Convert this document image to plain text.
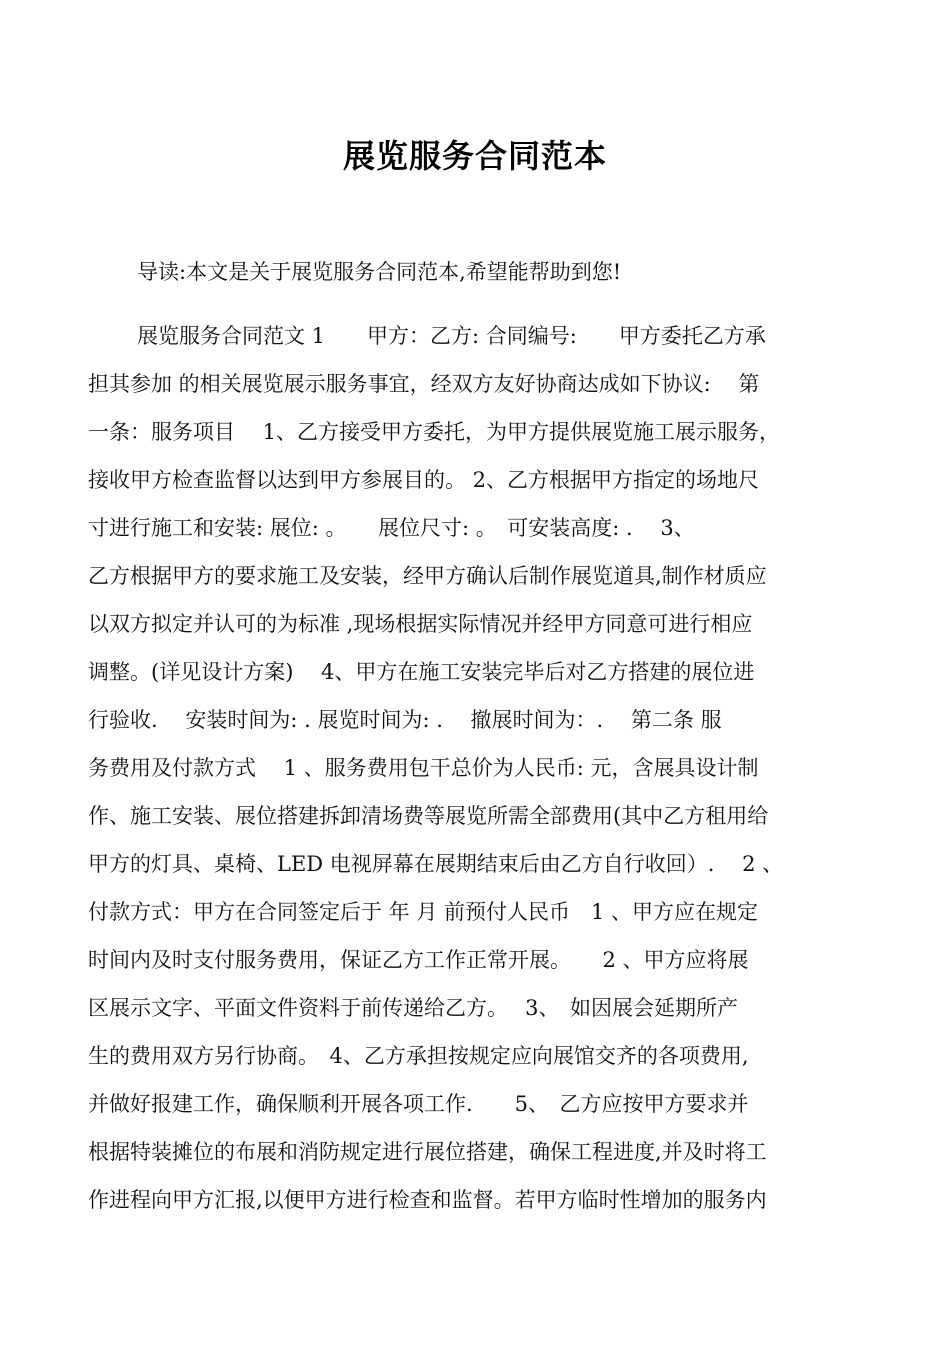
展览服务合同范本
导读:本文是关于展览服务合同范本,希望能帮助到您!
展览服务合同范文 1　　甲方：乙方: 合同编号:　　甲方委托乙方承
担其参加 的相关展览展示服务事宜，经双方友好协商达成如下协议:　 第
一条：服务项目　 1、乙方接受甲方委托，为甲方提供展览施工展示服务，
接收甲方检查监督以达到甲方参展目的。 2、乙方根据甲方指定的场地尺
寸进行施工和安装: 展位: 。　　展位尺寸: 。　可安装高度: .　 3、
乙方根据甲方的要求施工及安装，经甲方确认后制作展览道具,制作材质应
以双方拟定并认可的为标准 ,现场根据实际情况并经甲方同意可进行相应
调整。(详见设计方案)　 4、甲方在施工安装完毕后对乙方搭建的展位进
行验收.　 安装时间为: . 展览时间为: .　 撤展时间为：.　 第二条 服
务费用及付款方式　 1 、服务费用包干总价为人民币: 元，含展具设计制
作、施工安装、展位搭建拆卸清场费等展览所需全部费用(其中乙方租用给
甲方的灯具、桌椅、LED 电视屏幕在展期结束后由乙方自行收回）.　 2 、
付款方式：甲方在合同签定后于 年 月 前预付人民币　1 、甲方应在规定
时间内及时支付服务费用，保证乙方工作正常开展。　　2 、甲方应将展
区展示文字、平面文件资料于前传递给乙方。　 3、　如因展会延期所产
生的费用双方另行协商。　4、乙方承担按规定应向展馆交齐的各项费用,
并做好报建工作，确保顺利开展各项工作.　　5、　乙方应按甲方要求并
根据特装摊位的布展和消防规定进行展位搭建，确保工程进度,并及时将工
作进程向甲方汇报,以便甲方进行检查和监督。若甲方临时性增加的服务内
